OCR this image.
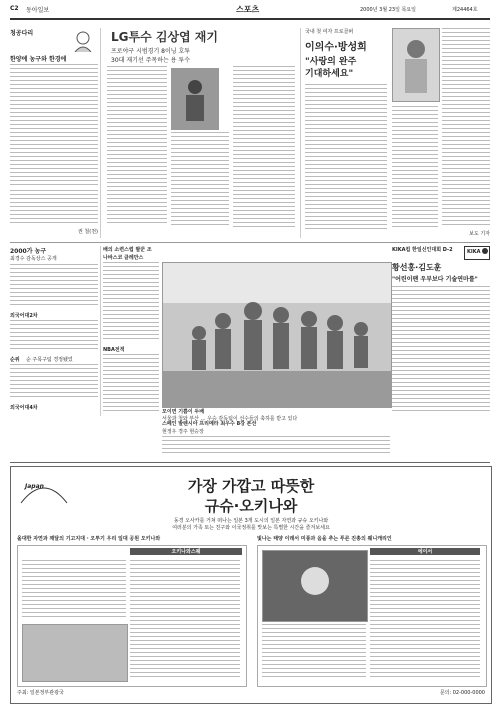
C2 동아일보	스포츠	2000년 3월 23일 목요일	제24464호
청공다리
한양에 농구와 한경에
권 철(천)
LG투수 김상엽 재기
프로야구 시범경기 8이닝 호투
30대 재기선 주목하는 용 투수
국내 첫 여자 프로골퍼
이의수·방성희
"사랑의 완주
기대하세요"
보도 기자
2000가 농구
최경수 감독상스 공개
외국어대2차
순위 순 주목구팀 경정됐었
외국어대4차
배의 소련스럽 팔꾼 조
나바스코 클레만스
NBA전적
모이면 기쁨이 두배
서울과 청와 부산 … 우승 감독팀이 선수들의 축하를 받고 있다
KIKA컵 한일신인대회 D-2	KIKA
황선홍·김도훈
"어린이팬 우부보다 기술연마를"
스페인 발렌시아 프리메라 최우수 8강 본선
현정우 경주 현승장
Japan	가장 가깝고 따뜻한
규슈·오키나와
동경 오사카를 거쳐 떠나는 일본 3개 도시의 일본 자연과 규슈 오키나와
여러분의 가족 또는 친구와 이국정취를 맛보는 특별한 시간을 즐겨보세요
올대한 자연과 깨달의 기고지대 · 오투기 우리 일대 공원 오키나와
오키나와스퀘
빛나는 태양 이래서 미풍과 음을 추는 푸른 진총의 웨니캐리인
에이서
주최: 일본정부관광국	문의: 02-000-0000
